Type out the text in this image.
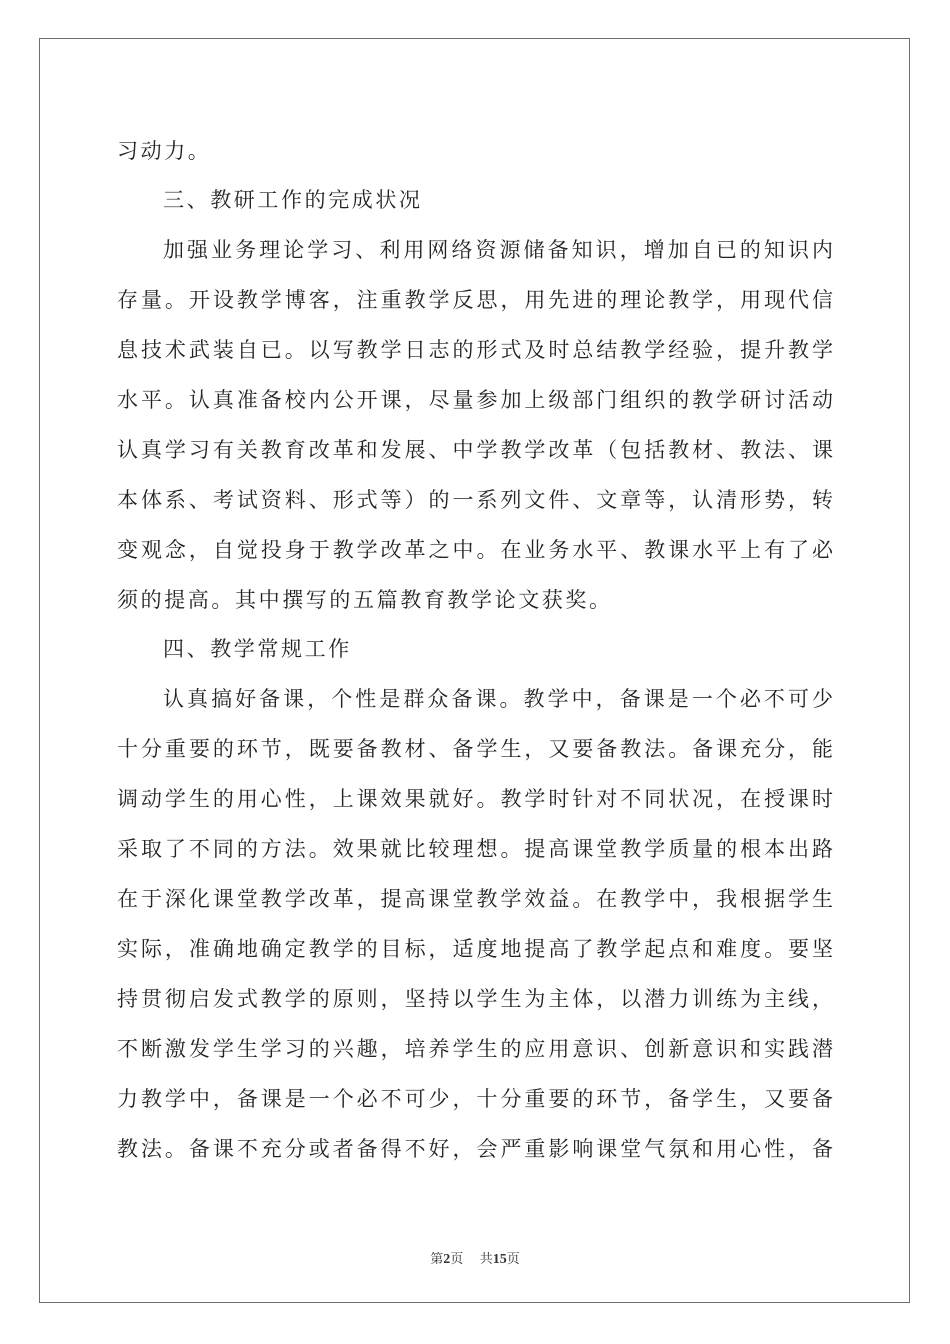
习动力。

三、教研工作的完成状况

加强业务理论学习、利用网络资源储备知识，增加自已的知识内

存量。开设教学博客，注重教学反思，用先进的理论教学，用现代信

息技术武装自已。以写教学日志的形式及时总结教学经验，提升教学

水平。认真准备校内公开课，尽量参加上级部门组织的教学研讨活动

认真学习有关教育改革和发展、中学教学改革（包括教材、教法、课

本体系、考试资料、形式等）的一系列文件、文章等，认清形势，转

变观念，自觉投身于教学改革之中。在业务水平、教课水平上有了必

须的提高。其中撰写的五篇教育教学论文获奖。

四、教学常规工作

认真搞好备课，个性是群众备课。教学中，备课是一个必不可少

十分重要的环节，既要备教材、备学生，又要备教法。备课充分，能

调动学生的用心性，上课效果就好。教学时针对不同状况，在授课时

采取了不同的方法。效果就比较理想。提高课堂教学质量的根本出路

在于深化课堂教学改革，提高课堂教学效益。在教学中，我根据学生

实际，准确地确定教学的目标，适度地提高了教学起点和难度。要坚

持贯彻启发式教学的原则，坚持以学生为主体，以潜力训练为主线，

不断激发学生学习的兴趣，培养学生的应用意识、创新意识和实践潜

力教学中，备课是一个必不可少，十分重要的环节，备学生，又要备

教法。备课不充分或者备得不好，会严重影响课堂气氛和用心性，备

第2页 共15页
